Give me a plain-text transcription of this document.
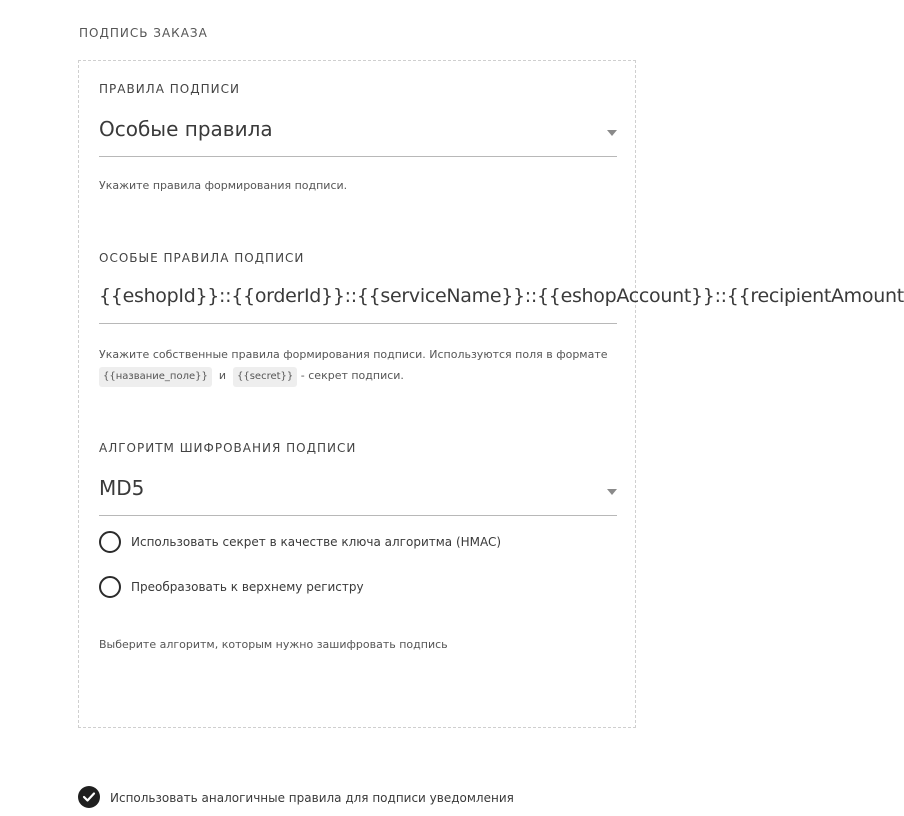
ПОДПИСЬ ЗАКАЗА
ПРАВИЛА ПОДПИСИ
Особые правила
Укажите правила формирования подписи.
ОСОБЫЕ ПРАВИЛА ПОДПИСИ
{{eshopId}}::{{orderId}}::{{serviceName}}::{{eshopAccount}}::{{recipientAmount
Укажите собственные правила формирования подписи. Используются поля в формате
{{название_поле}} и {{secret}} - секрет подписи.
АЛГОРИТМ ШИФРОВАНИЯ ПОДПИСИ
MD5
Использовать секрет в качестве ключа алгоритма (HMAC)
Преобразовать к верхнему регистру
Выберите алгоритм, которым нужно зашифровать подпись
Использовать аналогичные правила для подписи уведомления
